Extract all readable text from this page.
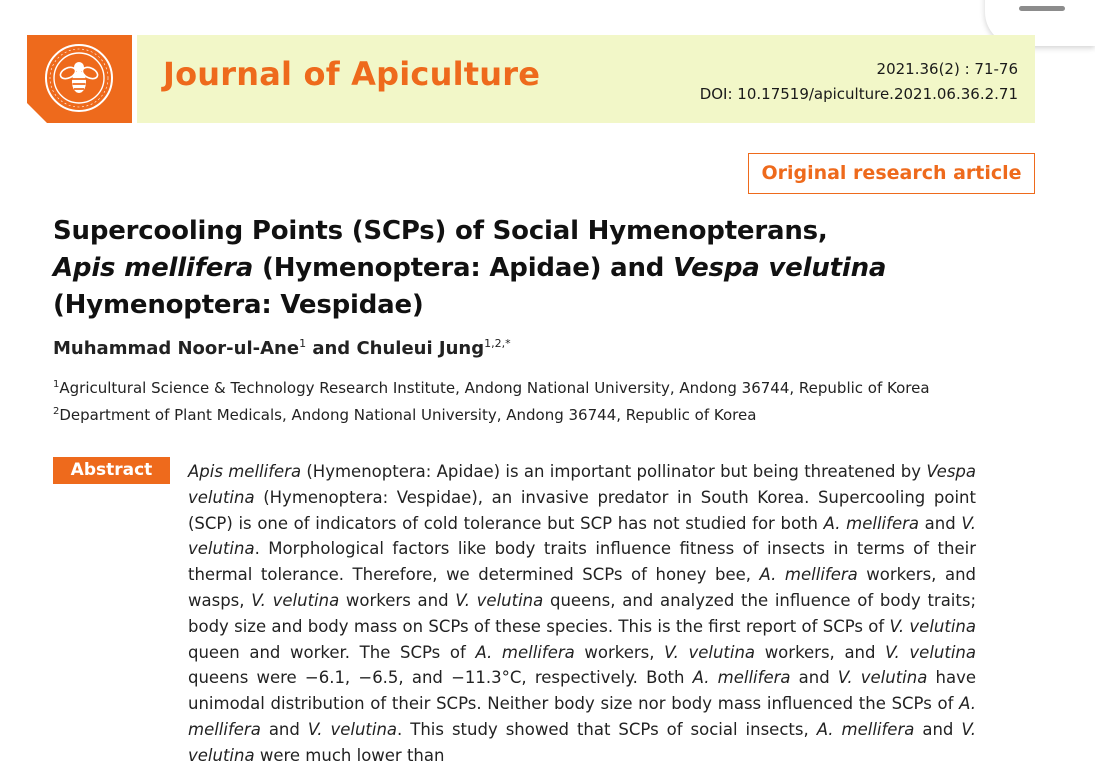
Journal of Apiculture	2021.36(2) : 71-76
DOI: 10.17519/apiculture.2021.06.36.2.71
Original research article
Supercooling Points (SCPs) of Social Hymenopterans,
Apis mellifera (Hymenoptera: Apidae) and Vespa velutina
(Hymenoptera: Vespidae)
Muhammad Noor-ul-Ane$^1$ and Chuleui Jung$^{1,2,*}$
$^1$Agricultural Science & Technology Research Institute, Andong National University, Andong 36744, Republic of Korea
$^2$Department of Plant Medicals, Andong National University, Andong 36744, Republic of Korea
Abstract	Apis mellifera (Hymenoptera: Apidae) is an important pollinator but being threatened by Vespa velutina (Hymenoptera: Vespidae), an invasive predator in South Korea. Supercooling point (SCP) is one of indicators of cold tolerance but SCP has not studied for both A. mellifera and V. velutina. Morphological factors like body traits influence fitness of insects in terms of their thermal tolerance. Therefore, we determined SCPs of honey bee, A. mellifera workers, and wasps, V. velutina workers and V. velutina queens, and analyzed the influence of body traits; body size and body mass on SCPs of these species. This is the first report of SCPs of V. velutina queen and worker. The SCPs of A. mellifera workers, V. velutina workers, and V. velutina queens were −6.1, −6.5, and −11.3°C, respectively. Both A. mellifera and V. velutina have unimodal distribution of their SCPs. Neither body size nor body mass influenced the SCPs of A. mellifera and V. velutina. This study showed that SCPs of social insects, A. mellifera and V. velutina were much lower than
